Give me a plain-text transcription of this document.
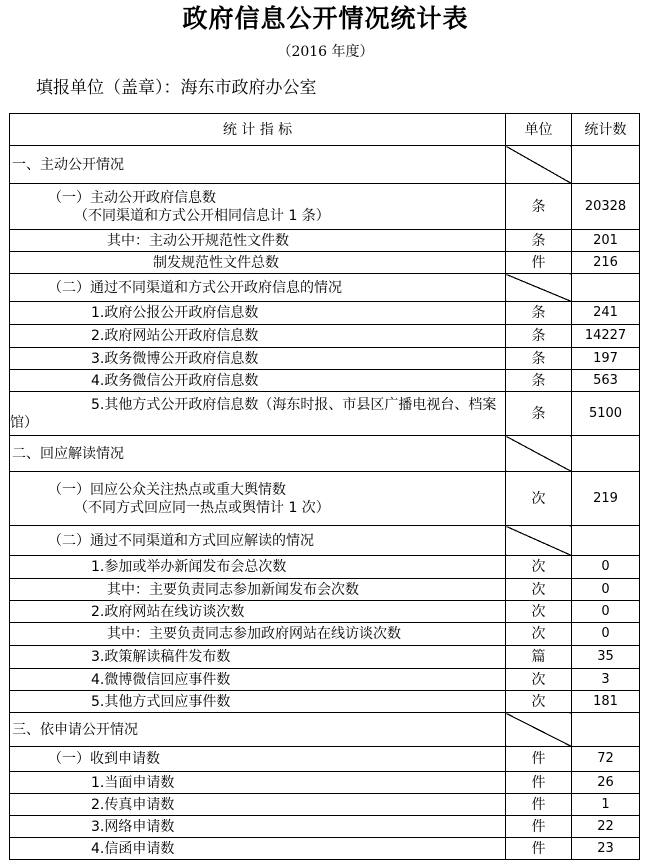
政府信息公开情况统计表
（2016 年度）
填报单位（盖章）：海东市政府办公室
统 计 指 标	单位	统计数
一、主动公开情况		

（一）主动公开政府信息数
（不同渠道和方式公开相同信息计 1 条）	条	20328
其中：主动公开规范性文件数	条	201
制发规范性文件总数	件	216
（二）通过不同渠道和方式公开政府信息的情况		
1.政府公报公开政府信息数	条	241
2.政府网站公开政府信息数	条	14227
3.政务微博公开政府信息数	条	197
4.政务微信公开政府信息数	条	563
5.其他方式公开政府信息数（海东时报、市县区广播电视台、档案馆）	条	5100
二、回应解读情况		

（一）回应公众关注热点或重大舆情数
（不同方式回应同一热点或舆情计 1 次）	次	219
（二）通过不同渠道和方式回应解读的情况		
1.参加或举办新闻发布会总次数	次	0
其中：主要负责同志参加新闻发布会次数	次	0
2.政府网站在线访谈次数	次	0
其中：主要负责同志参加政府网站在线访谈次数	次	0
3.政策解读稿件发布数	篇	35
4.微博微信回应事件数	次	3
5.其他方式回应事件数	次	181
三、依申请公开情况		
（一）收到申请数	件	72
1.当面申请数	件	26
2.传真申请数	件	1
3.网络申请数	件	22
4.信函申请数	件	23
